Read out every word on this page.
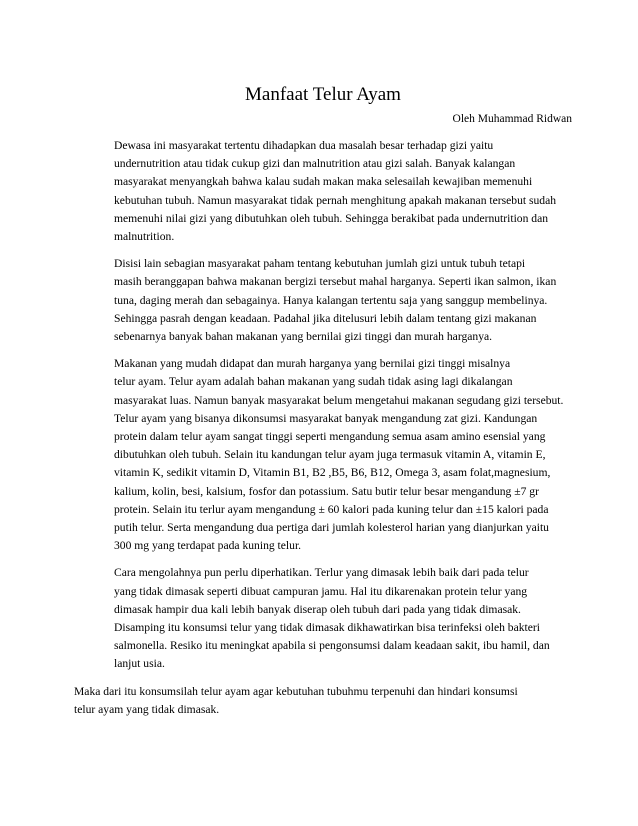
Manfaat Telur Ayam
Oleh Muhammad Ridwan
Dewasa ini masyarakat tertentu dihadapkan dua masalah besar terhadap gizi yaitu
undernutrition atau tidak cukup gizi dan malnutrition atau gizi salah. Banyak kalangan
masyarakat menyangkah bahwa kalau sudah makan maka selesailah kewajiban memenuhi
kebutuhan tubuh. Namun masyarakat tidak pernah menghitung apakah makanan tersebut sudah
memenuhi nilai gizi yang dibutuhkan oleh tubuh. Sehingga berakibat pada undernutrition dan
malnutrition.
Disisi lain sebagian masyarakat paham tentang kebutuhan jumlah gizi untuk tubuh tetapi
masih beranggapan bahwa makanan bergizi tersebut mahal harganya. Seperti ikan salmon, ikan
tuna, daging merah dan sebagainya. Hanya kalangan tertentu saja yang sanggup membelinya.
Sehingga pasrah dengan keadaan. Padahal jika ditelusuri lebih dalam tentang gizi makanan
sebenarnya banyak bahan makanan yang bernilai gizi tinggi dan murah harganya.
Makanan yang mudah didapat dan murah harganya yang bernilai gizi tinggi misalnya
telur ayam. Telur ayam adalah bahan makanan yang sudah tidak asing lagi dikalangan
masyarakat luas. Namun banyak masyarakat belum mengetahui makanan segudang gizi tersebut.
Telur ayam yang bisanya dikonsumsi masyarakat banyak mengandung zat gizi. Kandungan
protein dalam telur ayam sangat tinggi seperti mengandung semua asam amino esensial yang
dibutuhkan oleh tubuh. Selain itu kandungan telur ayam juga termasuk vitamin A, vitamin E,
vitamin K, sedikit vitamin D, Vitamin B1, B2 ,B5, B6, B12, Omega 3, asam folat,magnesium,
kalium, kolin, besi, kalsium, fosfor dan potassium. Satu butir telur besar mengandung ±7 gr
protein. Selain itu terlur ayam mengandung ± 60 kalori pada kuning telur dan ±15 kalori pada
putih telur. Serta mengandung dua pertiga dari jumlah kolesterol harian yang dianjurkan yaitu
300 mg yang terdapat pada kuning telur.
Cara mengolahnya pun perlu diperhatikan. Terlur yang dimasak lebih baik dari pada telur
yang tidak dimasak seperti dibuat campuran jamu. Hal itu dikarenakan protein telur yang
dimasak hampir dua kali lebih banyak diserap oleh tubuh dari pada yang tidak dimasak.
Disamping itu konsumsi telur yang tidak dimasak dikhawatirkan bisa terinfeksi oleh bakteri
salmonella. Resiko itu meningkat apabila si pengonsumsi dalam keadaan sakit, ibu hamil, dan
lanjut usia.
Maka dari itu konsumsilah telur ayam agar kebutuhan tubuhmu terpenuhi dan hindari konsumsi
telur ayam yang tidak dimasak.
